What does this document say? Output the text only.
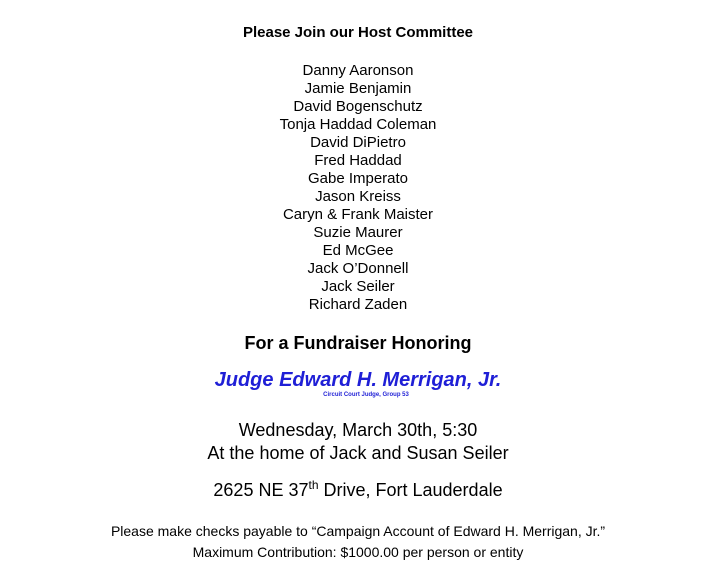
Please Join our Host Committee
Danny Aaronson
Jamie Benjamin
David Bogenschutz
Tonja Haddad Coleman
David DiPietro
Fred Haddad
Gabe Imperato
Jason Kreiss
Caryn & Frank Maister
Suzie Maurer
Ed McGee
Jack O’Donnell
Jack Seiler
Richard Zaden
For a Fundraiser Honoring
Judge Edward H. Merrigan, Jr.
Circuit Court Judge, Group 53
Wednesday, March 30th, 5:30
At the home of Jack and Susan Seiler
2625 NE 37th Drive, Fort Lauderdale
Please make checks payable to “Campaign Account of Edward H. Merrigan, Jr.”
Maximum Contribution: $1000.00 per person or entity
